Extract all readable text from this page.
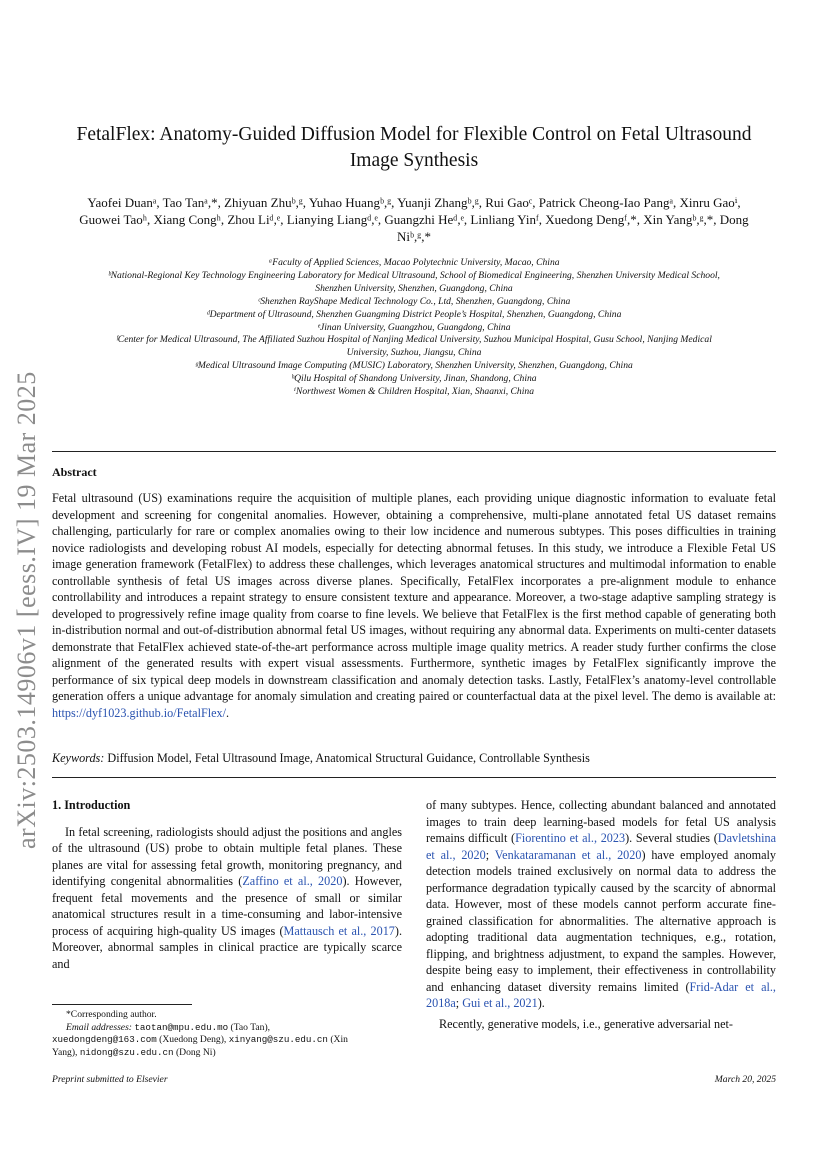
arXiv:2503.14906v1 [eess.IV] 19 Mar 2025
FetalFlex: Anatomy-Guided Diffusion Model for Flexible Control on Fetal Ultrasound
Image Synthesis
Yaofei Duanᵃ, Tao Tanᵃ,*, Zhiyuan Zhuᵇ,ᵍ, Yuhao Huangᵇ,ᵍ, Yuanji Zhangᵇ,ᵍ, Rui Gaoᶜ, Patrick Cheong-Iao Pangᵃ, Xinru Gaoⁱ,
Guowei Taoʰ, Xiang Congʰ, Zhou Liᵈ,ᵉ, Lianying Liangᵈ,ᵉ, Guangzhi Heᵈ,ᵉ, Linliang Yinᶠ, Xuedong Dengᶠ,*, Xin Yangᵇ,ᵍ,*, Dong
Niᵇ,ᵍ,*
ᵃFaculty of Applied Sciences, Macao Polytechnic University, Macao, China
ᵇNational-Regional Key Technology Engineering Laboratory for Medical Ultrasound, School of Biomedical Engineering, Shenzhen University Medical School,
Shenzhen University, Shenzhen, Guangdong, China
ᶜShenzhen RayShape Medical Technology Co., Ltd, Shenzhen, Guangdong, China
ᵈDepartment of Ultrasound, Shenzhen Guangming District People’s Hospital, Shenzhen, Guangdong, China
ᵉJinan University, Guangzhou, Guangdong, China
ᶠCenter for Medical Ultrasound, The Affiliated Suzhou Hospital of Nanjing Medical University, Suzhou Municipal Hospital, Gusu School, Nanjing Medical
University, Suzhou, Jiangsu, China
ᵍMedical Ultrasound Image Computing (MUSIC) Laboratory, Shenzhen University, Shenzhen, Guangdong, China
ʰQilu Hospital of Shandong University, Jinan, Shandong, China
ⁱNorthwest Women & Children Hospital, Xian, Shaanxi, China
Abstract
Fetal ultrasound (US) examinations require the acquisition of multiple planes, each providing unique diagnostic information to evaluate fetal development and screening for congenital anomalies. However, obtaining a comprehensive, multi-plane annotated fetal US dataset remains challenging, particularly for rare or complex anomalies owing to their low incidence and numerous subtypes. This poses difficulties in training novice radiologists and developing robust AI models, especially for detecting abnormal fetuses. In this study, we introduce a Flexible Fetal US image generation framework (FetalFlex) to address these challenges, which leverages anatomical structures and multimodal information to enable controllable synthesis of fetal US images across diverse planes. Specifically, FetalFlex incorporates a pre-alignment module to enhance controllability and introduces a repaint strategy to ensure consistent texture and appearance. Moreover, a two-stage adaptive sampling strategy is developed to progressively refine image quality from coarse to fine levels. We believe that FetalFlex is the first method capable of generating both in-distribution normal and out-of-distribution abnormal fetal US images, without requiring any abnormal data. Experiments on multi-center datasets demonstrate that FetalFlex achieved state-of-the-art performance across multiple image quality metrics. A reader study further confirms the close alignment of the generated results with expert visual assessments. Furthermore, synthetic images by FetalFlex significantly improve the performance of six typical deep models in downstream classification and anomaly detection tasks. Lastly, FetalFlex’s anatomy-level controllable generation offers a unique advantage for anomaly simulation and creating paired or counterfactual data at the pixel level. The demo is available at: https://dyf1023.github.io/FetalFlex/.
Keywords: Diffusion Model, Fetal Ultrasound Image, Anatomical Structural Guidance, Controllable Synthesis
1. Introduction

In fetal screening, radiologists should adjust the positions and angles of the ultrasound (US) probe to obtain multiple fetal planes. These planes are vital for assessing fetal growth, monitoring pregnancy, and identifying congenital abnormalities (Zaffino et al., 2020). However, frequent fetal movements and the presence of small or similar anatomical structures result in a time-consuming and labor-intensive process of acquiring high-quality US images (Mattausch et al., 2017). Moreover, abnormal samples in clinical practice are typically scarce and

of many subtypes. Hence, collecting abundant balanced and annotated images to train deep learning-based models for fetal US analysis remains difficult (Fiorentino et al., 2023). Several studies (Davletshina et al., 2020; Venkataramanan et al., 2020) have employed anomaly detection models trained exclusively on normal data to address the performance degradation typically caused by the scarcity of abnormal data. However, most of these models cannot perform accurate fine-grained classification for abnormalities. The alternative approach is adopting traditional data augmentation techniques, e.g., rotation, flipping, and brightness adjustment, to expand the samples. However, despite being easy to implement, their effectiveness in controllability and enhancing dataset diversity remains limited (Frid-Adar et al., 2018a; Gui et al., 2021).

Recently, generative models, i.e., generative adversarial net-

*Corresponding author.
Email addresses: taotan@mpu.edu.mo (Tao Tan),
xuedongdeng@163.com (Xuedong Deng), xinyang@szu.edu.cn (Xin
Yang), nidong@szu.edu.cn (Dong Ni)
Preprint submitted to Elsevier	March 20, 2025
